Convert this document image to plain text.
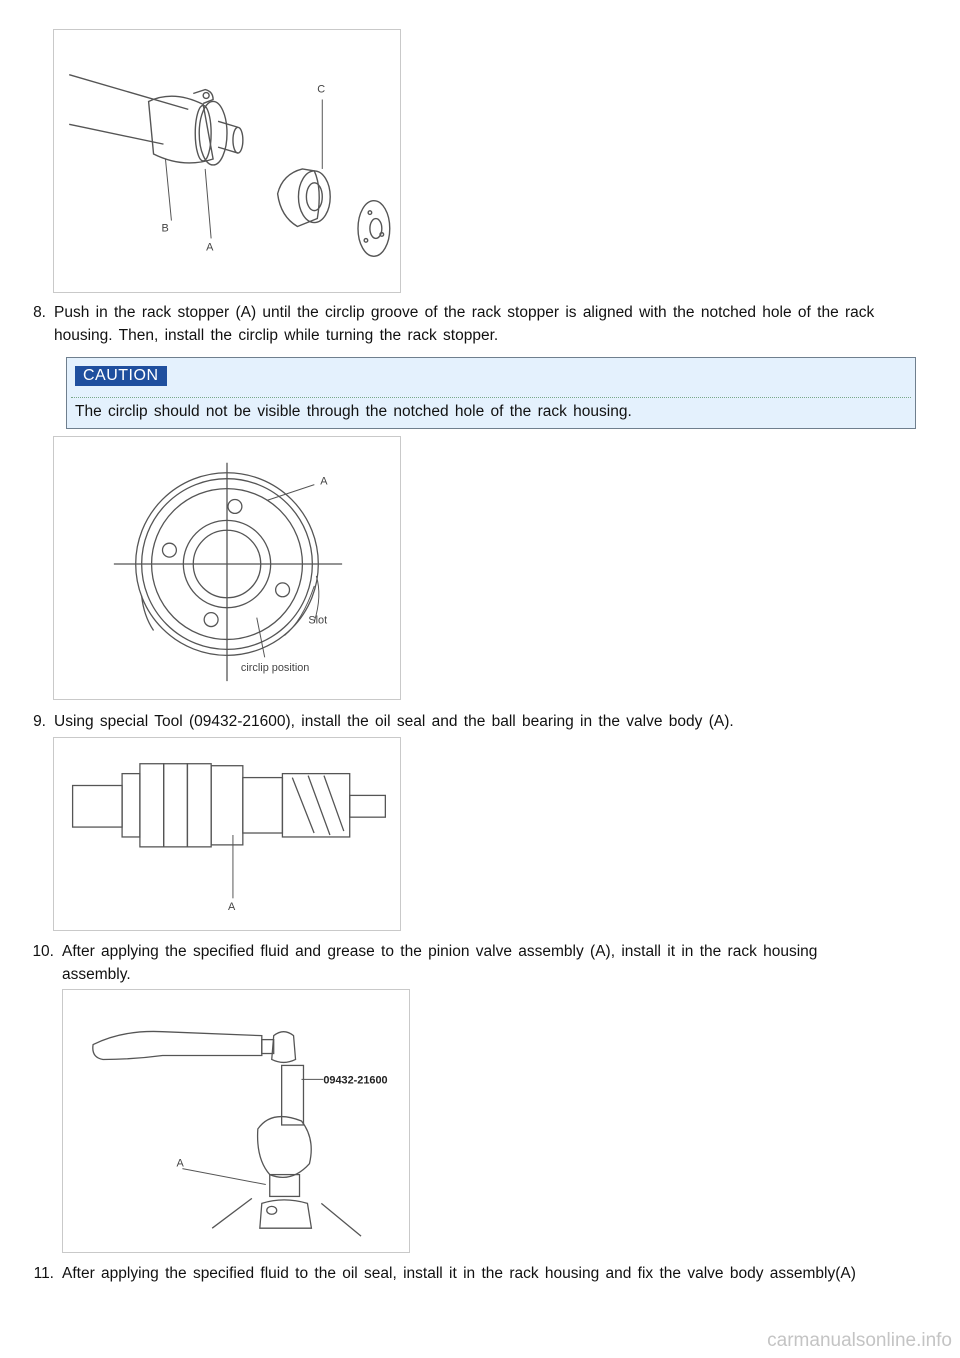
B
A
C
8. Push in the rack stopper (A) until the circlip groove of the rack stopper is aligned with the notched hole of the rack
housing. Then, install the circlip while turning the rack stopper.
CAUTION
The circlip should not be visible through the notched hole of the rack housing.
A
Slot
circlip position
9. Using special Tool (09432-21600), install the oil seal and the ball bearing in the valve body (A).
A
10. After applying the specified fluid and grease to the pinion valve assembly (A), install it in the rack housing
assembly.
09432-21600
A
11. After applying the specified fluid to the oil seal, install it in the rack housing and fix the valve body assembly(A)
carmanualsonline.info
